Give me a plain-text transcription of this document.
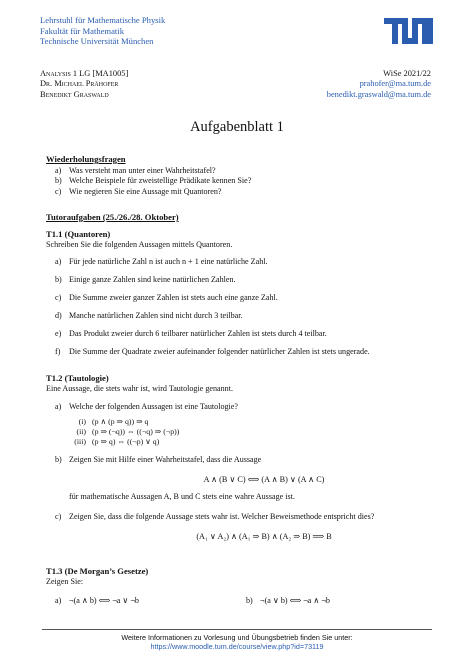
Lehrstuhl für Mathematische Physik
Fakultät für Mathematik
Technische Universität München
Analysis 1 LG [MA1005]
Dr. Michael Prähofer
Benedikt Graswald
WiSe 2021/22
prahofer@ma.tum.de
benedikt.graswald@ma.tum.de
Aufgabenblatt 1
Wiederholungsfragen
a) Was versteht man unter einer Wahrheitstafel?
b) Welche Beispiele für zweistellige Prädikate kennen Sie?
c) Wie negieren Sie eine Aussage mit Quantoren?
Tutoraufgaben (25./26./28. Oktober)
T1.1 (Quantoren)
Schreiben Sie die folgenden Aussagen mittels Quantoren.
a) Für jede natürliche Zahl n ist auch n + 1 eine natürliche Zahl.
b) Einige ganze Zahlen sind keine natürlichen Zahlen.
c) Die Summe zweier ganzer Zahlen ist stets auch eine ganze Zahl.
d) Manche natürlichen Zahlen sind nicht durch 3 teilbar.
e) Das Produkt zweier durch 6 teilbarer natürlicher Zahlen ist stets durch 4 teilbar.
f)	Die Summe der Quadrate zweier aufeinander folgender natürlicher Zahlen ist stets ungerade.
T1.2 (Tautologie)
Eine Aussage, die stets wahr ist, wird Tautologie genannt.
a) Welche der folgenden Aussagen ist eine Tautologie?
(i) (p ∧ (p ⇒ q)) ⇒ q
(ii) (p ⇒ (¬q)) ⇔ ((¬q) ⇒ (¬p))
(iii) (p ⇒ q) ⇔ ((¬p) ∨ q)
b) Zeigen Sie mit Hilfe einer Wahrheitstafel, dass die Aussage
A ∧ (B ∨ C) ⟺ (A ∧ B) ∨ (A ∧ C)
für mathematische Aussagen A, B und C stets eine wahre Aussage ist.
c) Zeigen Sie, dass die folgende Aussage stets wahr ist. Welcher Beweismethode entspricht dies?
(A₁ ∨ A₂) ∧ (A₁ ⇒ B) ∧ (A₂ ⇒ B) ⟹ B
T1.3 (De Morgan’s Gesetze)
Zeigen Sie:
a) ¬(a ∧ b) ⟺ ¬a ∨ ¬b	b) ¬(a ∨ b) ⟺ ¬a ∧ ¬b
Weitere Informationen zu Vorlesung und Übungsbetrieb finden Sie unter:
https://www.moodle.tum.de/course/view.php?id=73119
